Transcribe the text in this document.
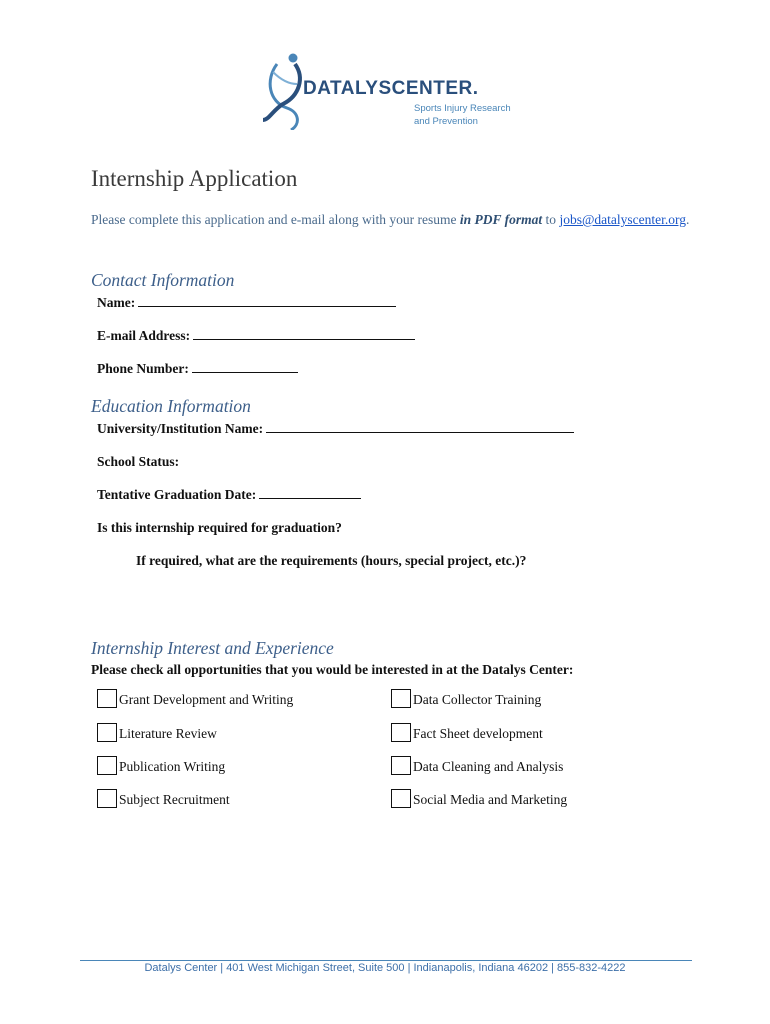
DATALYSCENTER.
Sports Injury Research
and Prevention
Internship Application
Please complete this application and e-mail along with your resume in PDF format to jobs@datalyscenter.org.
Contact Information
Name:
E-mail Address:
Phone Number:
Education Information
University/Institution Name:
School Status:
Tentative Graduation Date:
Is this internship required for graduation?
If required, what are the requirements (hours, special project, etc.)?
Internship Interest and Experience
Please check all opportunities that you would be interested in at the Datalys Center:
Grant Development and Writing
Literature Review
Publication Writing
Subject Recruitment
Data Collector Training
Fact Sheet development
Data Cleaning and Analysis
Social Media and Marketing
Datalys Center | 401 West Michigan Street, Suite 500 | Indianapolis, Indiana 46202 | 855-832-4222
